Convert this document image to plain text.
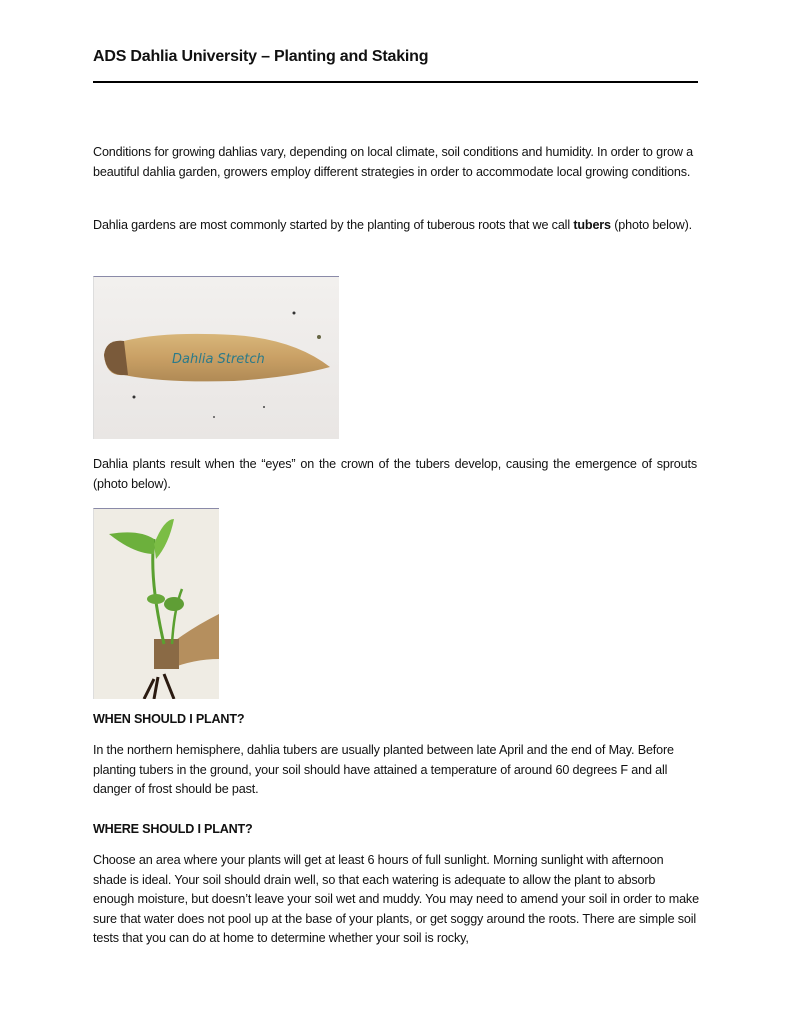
ADS Dahlia University – Planting and Staking
Conditions for growing dahlias vary, depending on local climate, soil conditions and humidity. In order to grow a beautiful dahlia garden, growers employ different strategies in order to accommodate local growing conditions.
Dahlia gardens are most commonly started by the planting of tuberous roots that we call tubers (photo below).
Dahlia Stretch
Dahlia plants result when the “eyes” on the crown of the tubers develop, causing the emergence of sprouts (photo below).
WHEN SHOULD I PLANT?
In the northern hemisphere, dahlia tubers are usually planted between late April and the end of May. Before planting tubers in the ground, your soil should have attained a temperature of around 60 degrees F and all danger of frost should be past.
WHERE SHOULD I PLANT?
Choose an area where your plants will get at least 6 hours of full sunlight. Morning sunlight with afternoon shade is ideal. Your soil should drain well, so that each watering is adequate to allow the plant to absorb enough moisture, but doesn’t leave your soil wet and muddy. You may need to amend your soil in order to make sure that water does not pool up at the base of your plants, or get soggy around the roots. There are simple soil tests that you can do at home to determine whether your soil is rocky,
